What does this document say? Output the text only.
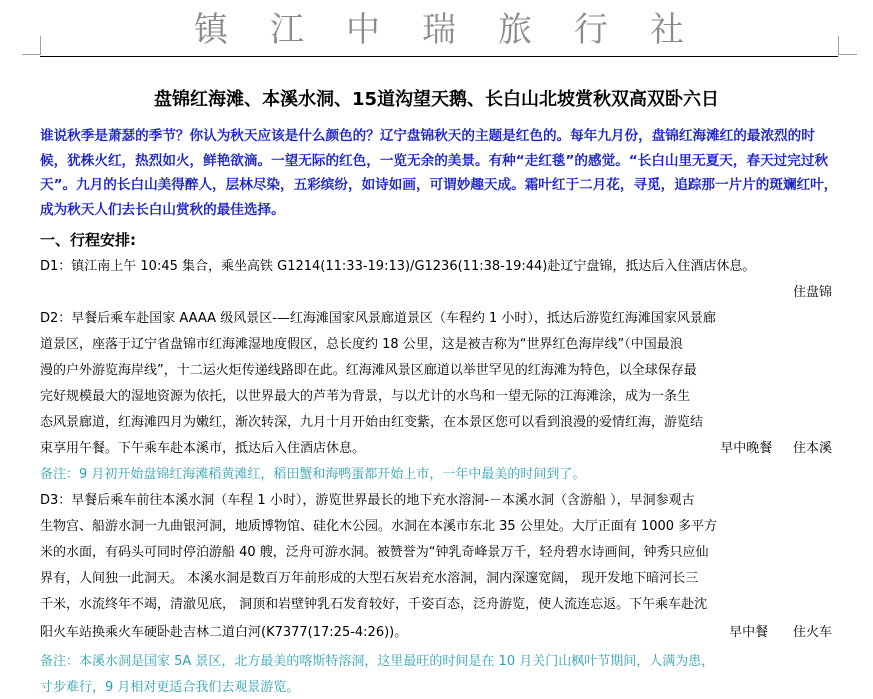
镇江中瑞旅行社
盘锦红海滩、本溪水洞、15道沟望天鹅、长白山北坡赏秋双高双卧六日

谁说秋季是萧瑟的季节？你认为秋天应该是什么颜色的？辽宁盘锦秋天的主题是红色的。每年九月份，盘锦红海滩红的最浓烈的时候，犹株火红，热烈如火，鲜艳欲滴。一望无际的红色，一览无余的美景。有种“走红毯”的感觉。“长白山里无夏天，春天过完过秋天”。九月的长白山美得醉人，层林尽染，五彩缤纷，如诗如画，可谓妙趣天成。霜叶红于二月花，寻觅，追踪那一片片的斑斓红叶，成为秋天人们去长白山赏秋的最佳选择。

一、行程安排:
D1：镇江南上午 10:45 集合，乘坐高铁 G1214(11:33-19:13)/G1236(11:38-19:44)赴辽宁盘锦，抵达后入住酒店休息。
住盘锦
D2：早餐后乘车赴国家 AAAA 级风景区-—红海滩国家风景廊道景区（车程约 1 小时），抵达后游览红海滩国家风景廊
道景区，座落于辽宁省盘锦市红海滩湿地度假区，总长度约 18 公里，这是被吉称为“世界红色海岸线”（中国最浪
漫的户外游览海岸线”，十二运火炬传递线路即在此。红海滩风景区廊道以举世罕见的红海滩为特色，以全球保存最
完好规模最大的湿地资源为依托，以世界最大的芦苇为背景，与以尤计的水鸟和一望无际的江海滩涂，成为一条生
态风景廊道，红海滩四月为嫩红，渐次转深，九月十月开始由红变紫，在本景区您可以看到浪漫的爱情红海，游览结
束享用午餐。下午乘车赴本溪市，抵达后入住酒店休息。	早中晚餐 住本溪
备注：9 月初开始盘锦红海滩稻黄滩红，稻田蟹和海鸭蛋都开始上市，一年中最美的时间到了。
D3：早餐后乘车前往本溪水洞（车程 1 小时），游览世界最长的地下充水溶洞-－本溪水洞（含游船 ），早洞参观古
生物宫、船游水洞一九曲银河洞，地质博物馆、硅化木公园。水洞在本溪市东北 35 公里处。大厅正面有 1000 多平方
米的水面，有码头可同时停泊游船 40 艘，泛舟可游水洞。被赞誉为“钟乳奇峰景万千，轻舟碧水诗画间，钟秀只应仙
界有，人间独一此洞天。 本溪水洞是数百万年前形成的大型石灰岩充水溶洞，洞内深邃宽阔， 现开发地下暗河长三
千米，水流终年不竭，清澈见底， 洞顶和岩壁钟乳石发育较好，千姿百态，泛舟游览，使人流连忘返。下午乘车赴沈
阳火车站换乘火车硬卧赴吉林二道白河(K7377(17:25-4:26))。	早中餐 住火车
备注：本溪水洞是国家 5A 景区，北方最美的喀斯特溶洞，这里最旺的时间是在 10 月关门山枫叶节期间，人满为患，
寸步难行，9 月相对更适合我们去观景游览。
